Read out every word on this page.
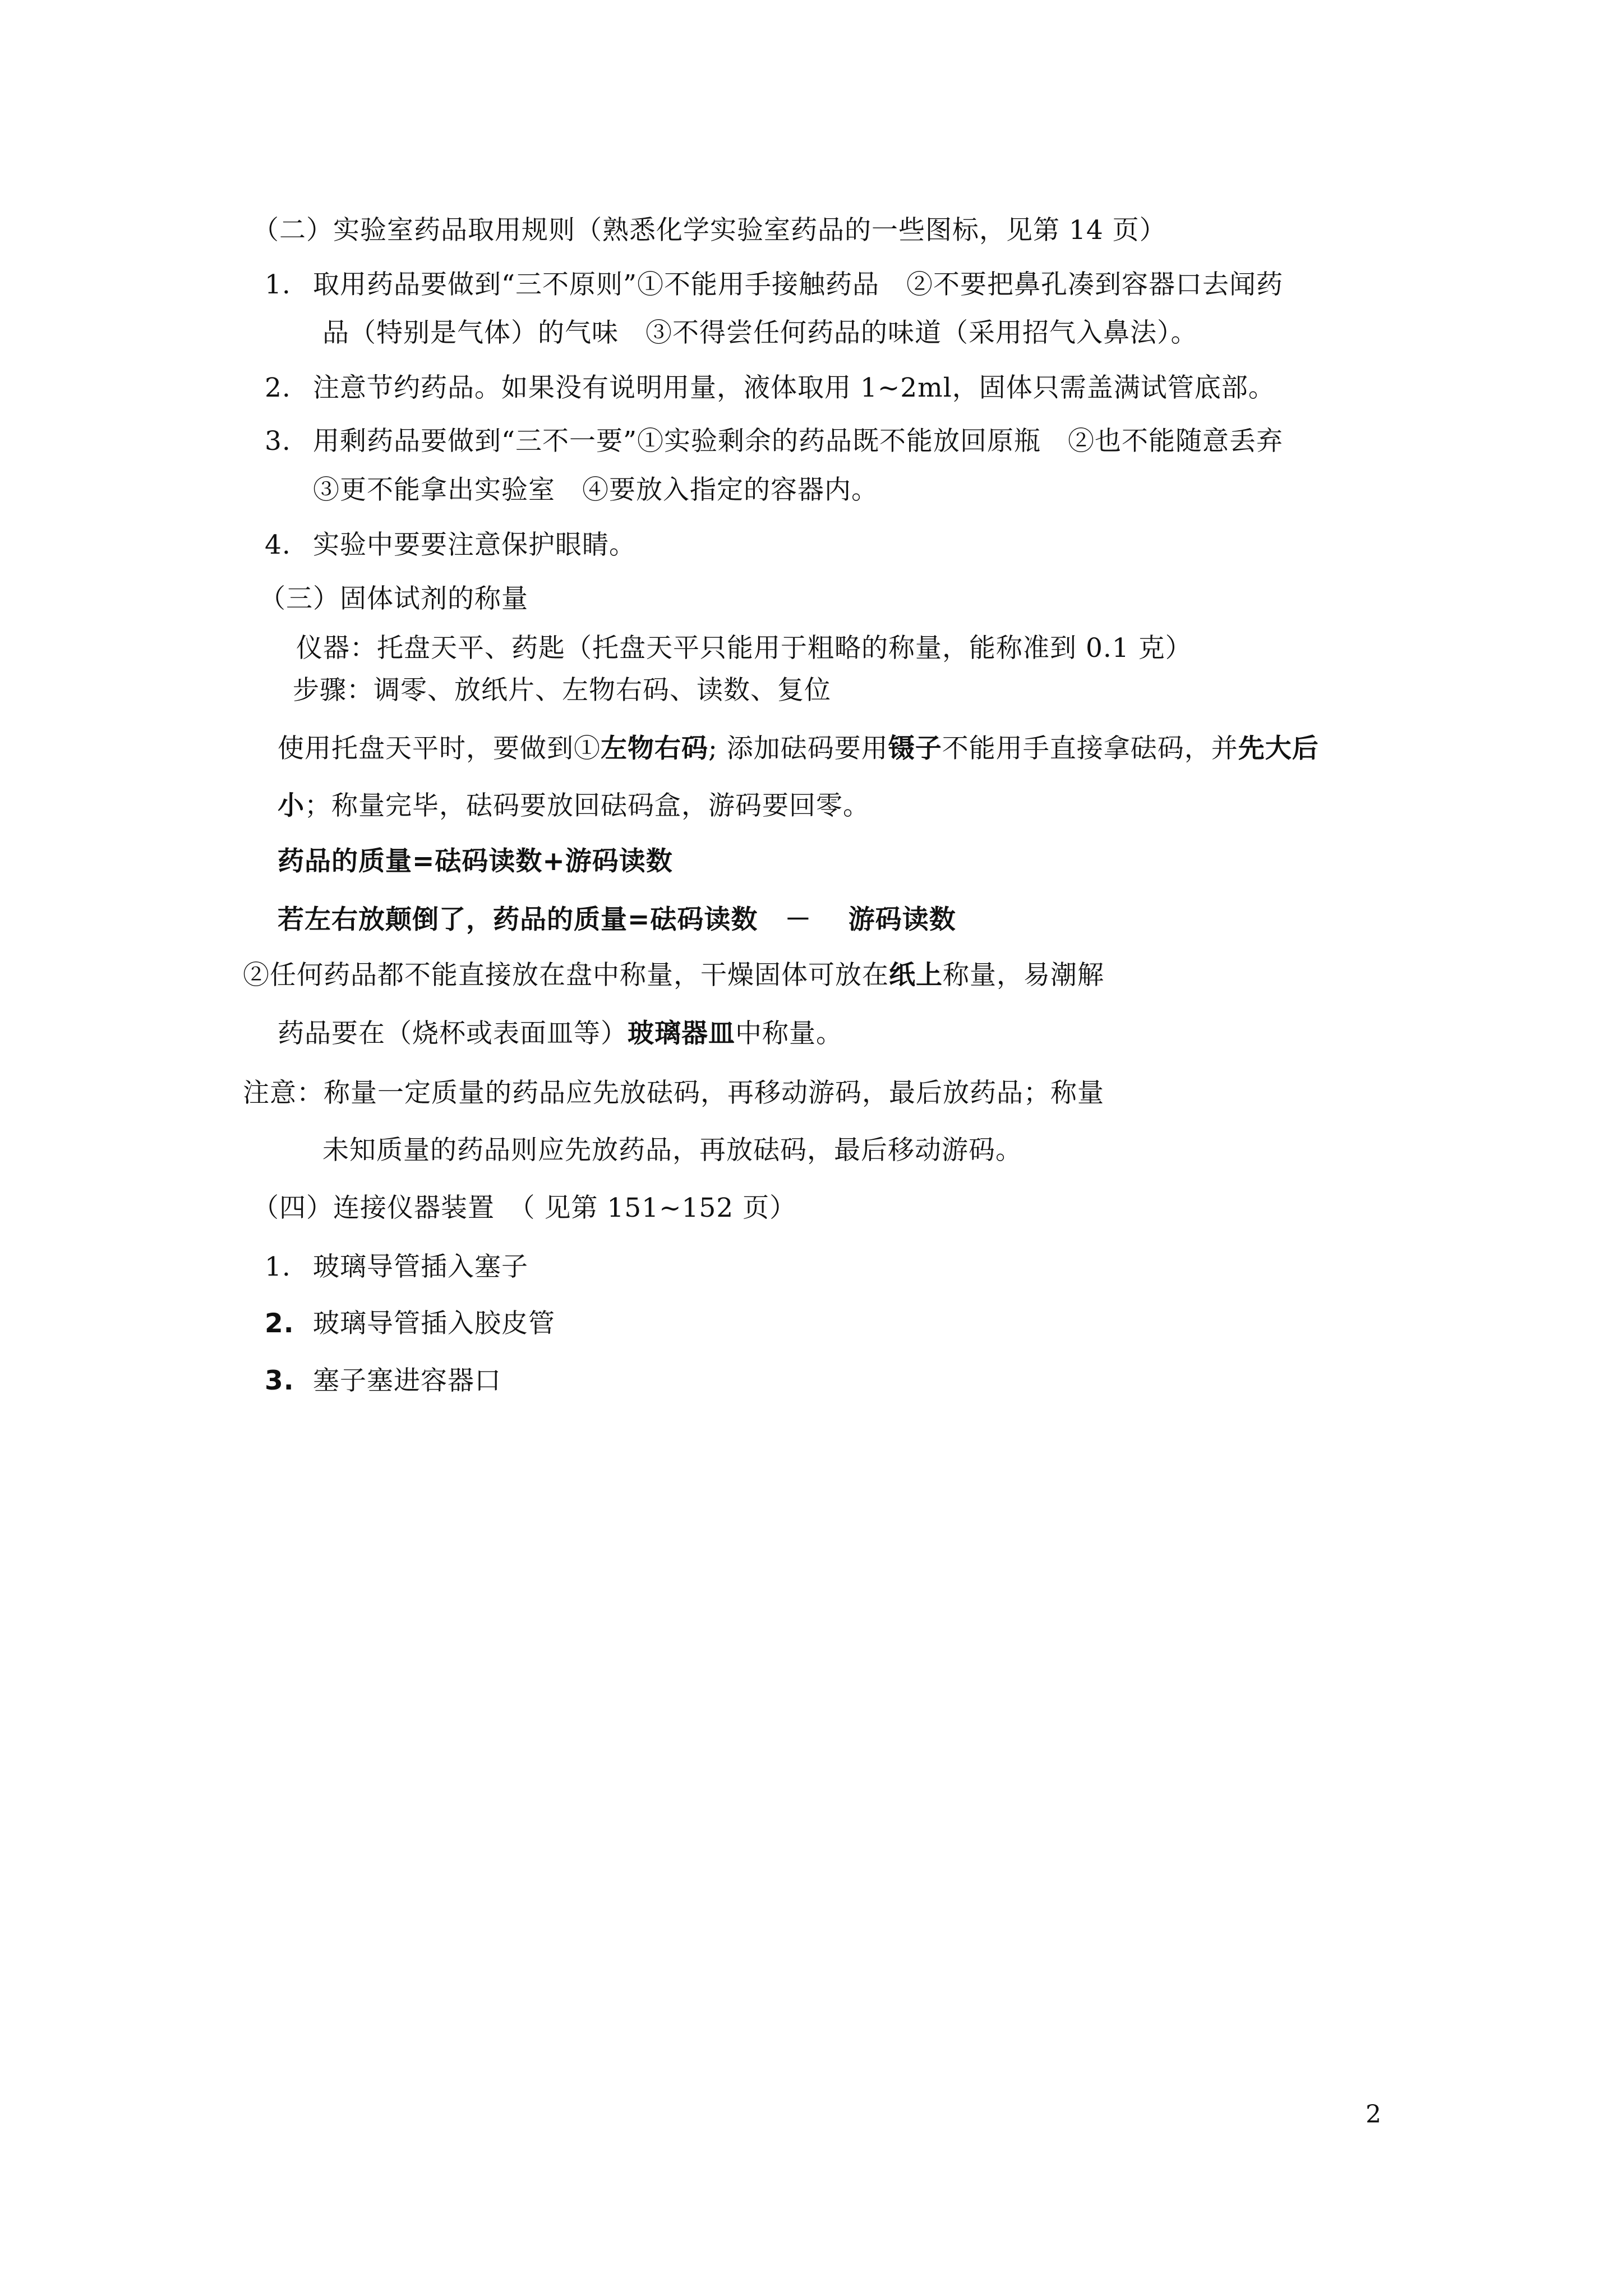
（二）实验室药品取用规则（熟悉化学实验室药品的一些图标，见第 14 页）
1. 取用药品要做到“三不原则”①不能用手接触药品　②不要把鼻孔凑到容器口去闻药
品（特别是气体）的气味　③不得尝任何药品的味道（采用招气入鼻法）。
2. 注意节约药品。如果没有说明用量，液体取用 1~2ml，固体只需盖满试管底部。
3. 用剩药品要做到“三不一要”①实验剩余的药品既不能放回原瓶　②也不能随意丢弃
③更不能拿出实验室　④要放入指定的容器内。
4. 实验中要要注意保护眼睛。
（三）固体试剂的称量
仪器：托盘天平、药匙（托盘天平只能用于粗略的称量，能称准到 0.1 克）
步骤：调零、放纸片、左物右码、读数、复位
使用托盘天平时，要做到①左物右码; 添加砝码要用镊子不能用手直接拿砝码，并先大后
小；称量完毕，砝码要放回砝码盒，游码要回零。
药品的质量=砝码读数+游码读数
若左右放颠倒了，药品的质量=砝码读数　－　 游码读数
②任何药品都不能直接放在盘中称量，干燥固体可放在纸上称量，易潮解
药品要在（烧杯或表面皿等）玻璃器皿中称量。
注意：称量一定质量的药品应先放砝码，再移动游码，最后放药品；称量
未知质量的药品则应先放药品，再放砝码，最后移动游码。
（四）连接仪器装置　（ 见第 151~152 页）
1. 玻璃导管插入塞子
2. 玻璃导管插入胶皮管
3. 塞子塞进容器口
2
